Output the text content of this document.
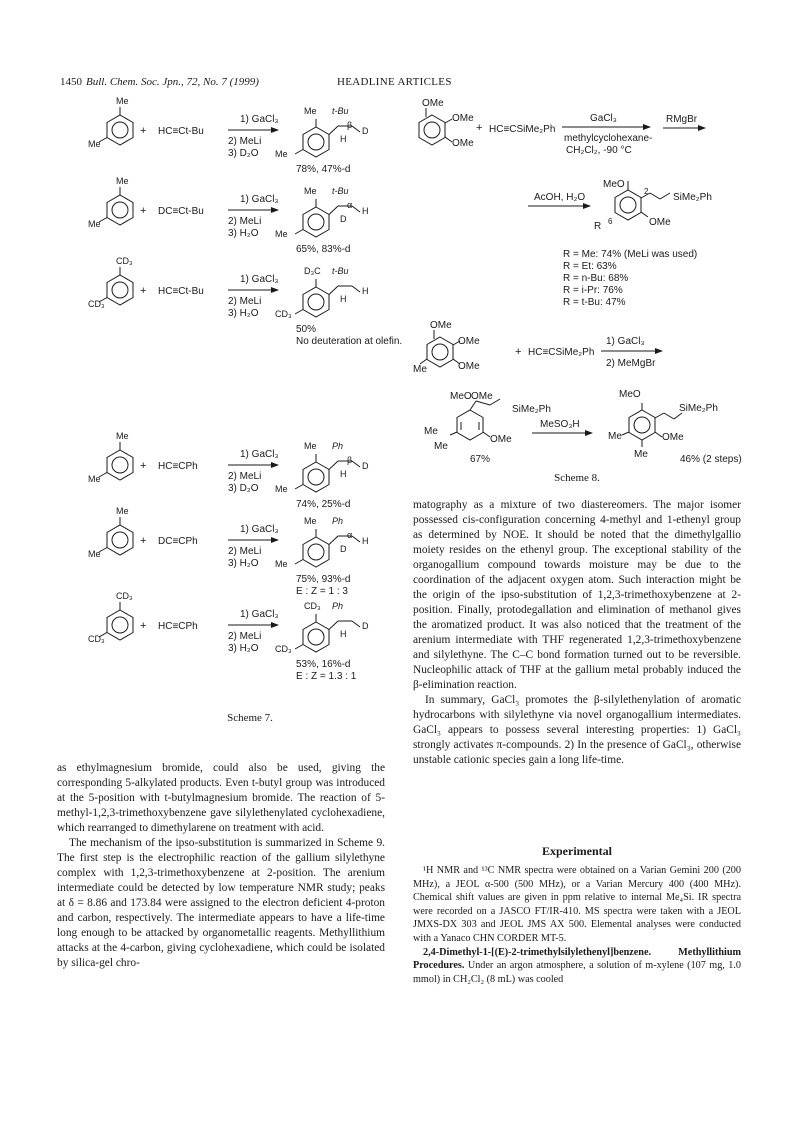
1450 Bull. Chem. Soc. Jpn., 72, No. 7 (1999)	HEADLINE ARTICLES
Me
Me
+ HC≡Ct-Bu
1) GaCl₃
2) MeLi
3) D₂O
Me t-Bu
β
D
H
Me
78%, 47%-d
Me
Me
+ DC≡Ct-Bu
1) GaCl₃
2) MeLi
3) H₂O
Me t-Bu
α
H
D
Me
65%, 83%-d
CD₃
CD₃
+ HC≡Ct-Bu
1) GaCl₃
2) MeLi
3) H₂O
D₃C t-Bu
H
H
CD₃
50%
No deuteration at olefin.
Me
Me
+ HC≡CPh
1) GaCl₃
2) MeLi
3) D₂O
Me Ph
β
D
H
Me
74%, 25%-d
Me
Me
+ DC≡CPh
1) GaCl₃
2) MeLi
3) H₂O
Me Ph
α
H
D
Me
75%, 93%-d
E : Z = 1 : 3
CD₃
CD₃
+ HC≡CPh
1) GaCl₃
2) MeLi
3) H₂O
CD₃ Ph
D
H
CD₃
53%, 16%-d
E : Z = 1.3 : 1
Scheme 7.
OMe
OMe
OMe
+ HC≡CSiMe₂Ph
GaCl₃
methylcyclohexane-
CH₂Cl₂, -90 °C
RMgBr
AcOH, H₂O
MeO
SiMe₂Ph
OMe
R
2
6
R = Me: 74% (MeLi was used)
R = Et: 63%
R = n-Bu: 68%
R = i-Pr: 76%
R = t-Bu: 47%
OMe
OMe
OMe
Me
+ HC≡CSiMe₂Ph
1) GaCl₃
2) MeMgBr
MeO OMe
SiMe₂Ph
OMe
Me
Me
67%
MeSO₃H
MeO
SiMe₂Ph
OMe
Me
Me	46% (2 steps)
Scheme 8.

as ethylmagnesium bromide, could also be used, giving the corresponding 5-alkylated products. Even t-butyl group was introduced at the 5-position with t-butylmagnesium bromide. The reaction of 5-methyl-1,2,3-trimethoxybenzene gave silylethenylated cyclohexadiene, which rearranged to dimethylarene on treatment with acid.

The mechanism of the ipso-substitution is summarized in Scheme 9. The first step is the electrophilic reaction of the gallium silylethyne complex with 1,2,3-trimethoxybenzene at 2-position. The arenium intermediate could be detected by low temperature NMR study; peaks at δ = 8.86 and 173.84 were assigned to the electron deficient 4-proton and carbon, respectively. The intermediate appears to have a life-time long enough to be attacked by organometallic reagents. Methyllithium attacks at the 4-carbon, giving cyclohexadiene, which could be isolated by silica-gel chro-

matography as a mixture of two diastereomers. The major isomer possessed cis-configuration concerning 4-methyl and 1-ethenyl group as determined by NOE. It should be noted that the dimethylgallio moiety resides on the ethenyl group. The exceptional stability of the organogallium compound towards moisture may be due to the coordination of the adjacent oxygen atom. Such interaction might be the origin of the ipso-substitution of 1,2,3-trimethoxybenzene at 2-position. Finally, protodegallation and elimination of methanol gives the aromatized product. It was also noticed that the treatment of the arenium intermediate with THF regenerated 1,2,3-trimethoxybenzene and silylethyne. The C–C bond formation turned out to be reversible. Nucleophilic attack of THF at the gallium metal probably induced the β-elimination reaction.

In summary, GaCl₃ promotes the β-silylethenylation of aromatic hydrocarbons with silylethyne via novel organogallium intermediates. GaCl₃ appears to possess several interesting properties: 1) GaCl₃ strongly activates π-compounds. 2) In the presence of GaCl₃, otherwise unstable cationic species gain a long life-time.

Experimental

¹H NMR and ¹³C NMR spectra were obtained on a Varian Gemini 200 (200 MHz), a JEOL α-500 (500 MHz), or a Varian Mercury 400 (400 MHz). Chemical shift values are given in ppm relative to internal Me₄Si. IR spectra were recorded on a JASCO FT/IR-410. MS spectra were taken with a JEOL JMXS-DX 303 and JEOL JMS AX 500. Elemental analyses were conducted with a Yanaco CHN CORDER MT-5.

2,4-Dimethyl-1-[(E)-2-trimethylsilylethenyl]benzene. Methyllithium Procedures. Under an argon atmosphere, a solution of m-xylene (107 mg, 1.0 mmol) in CH₂Cl₂ (8 mL) was cooled
